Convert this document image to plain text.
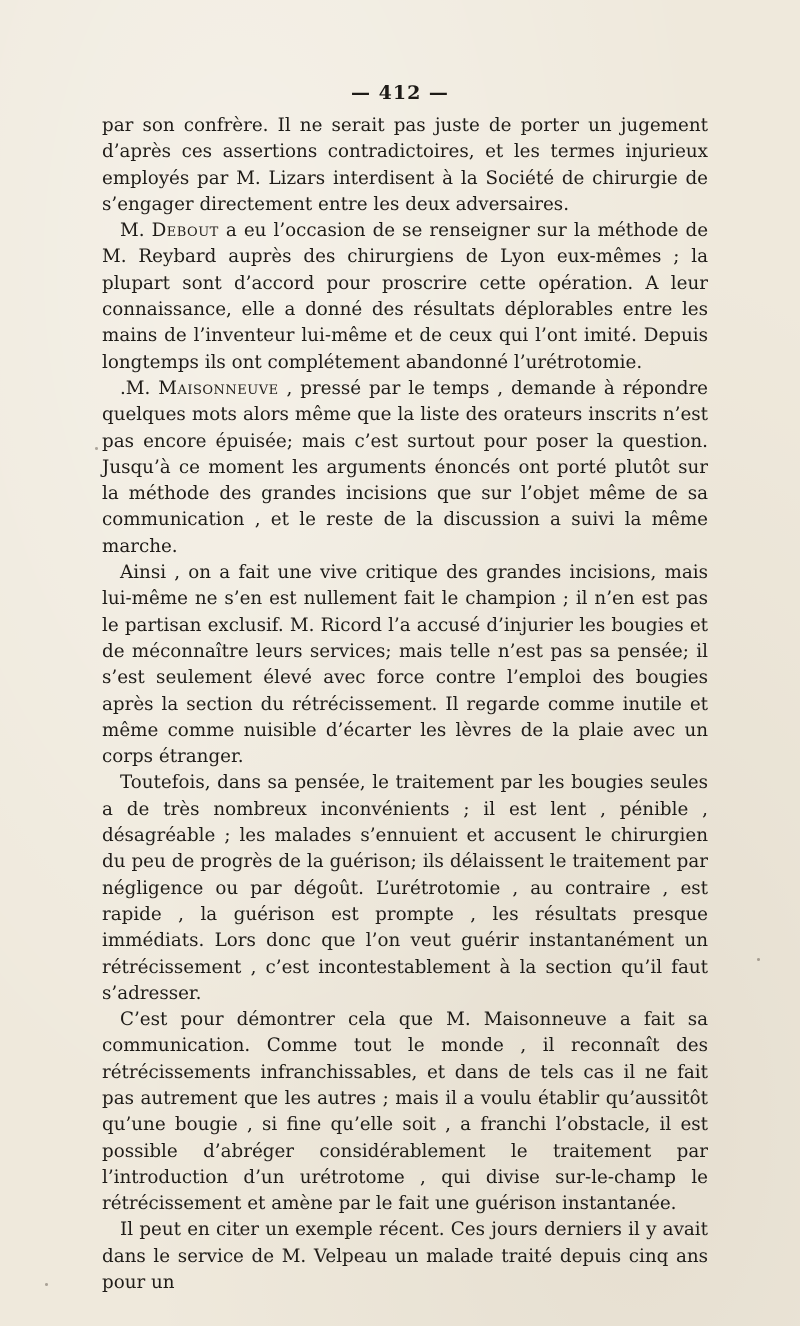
— 412 —

par son confrère. Il ne serait pas juste de porter un jugement d’après ces assertions contradictoires, et les termes injurieux employés par M. Lizars interdisent à la Société de chirurgie de s’engager directement entre les deux adversaires.

M. Debout a eu l’occasion de se renseigner sur la méthode de M. Reybard auprès des chirurgiens de Lyon eux-mêmes ; la plupart sont d’accord pour proscrire cette opération. A leur connaissance, elle a donné des résultats déplorables entre les mains de l’inventeur lui-même et de ceux qui l’ont imité. Depuis longtemps ils ont complétement abandonné l’urétrotomie.

.M. Maisonneuve , pressé par le temps , demande à répondre quelques mots alors même que la liste des orateurs inscrits n’est pas encore épuisée; mais c’est surtout pour poser la question. Jusqu’à ce moment les arguments énoncés ont porté plutôt sur la méthode des grandes incisions que sur l’objet même de sa communication , et le reste de la discussion a suivi la même marche.

Ainsi , on a fait une vive critique des grandes incisions, mais lui-même ne s’en est nullement fait le champion ; il n’en est pas le partisan exclusif. M. Ricord l’a accusé d’injurier les bougies et de méconnaître leurs services; mais telle n’est pas sa pensée; il s’est seulement élevé avec force contre l’emploi des bougies après la section du rétrécissement. Il regarde comme inutile et même comme nuisible d’écarter les lèvres de la plaie avec un corps étranger.

Toutefois, dans sa pensée, le traitement par les bougies seules a de très nombreux inconvénients ; il est lent , pénible , désagréable ; les malades s’ennuient et accusent le chirurgien du peu de progrès de la guérison; ils délaissent le traitement par négligence ou par dégoût. L’urétrotomie , au contraire , est rapide , la guérison est prompte , les résultats presque immédiats. Lors donc que l’on veut guérir instantanément un rétrécissement , c’est incontestablement à la section qu’il faut s’adresser.

C’est pour démontrer cela que M. Maisonneuve a fait sa communication. Comme tout le monde , il reconnaît des rétrécissements infranchissables, et dans de tels cas il ne fait pas autrement que les autres ; mais il a voulu établir qu’aussitôt qu’une bougie , si fine qu’elle soit , a franchi l’obstacle, il est possible d’abréger considérablement le traitement par l’introduction d’un urétrotome , qui divise sur-le-champ le rétrécissement et amène par le fait une guérison instantanée.

Il peut en citer un exemple récent. Ces jours derniers il y avait dans le service de M. Velpeau un malade traité depuis cinq ans pour un
